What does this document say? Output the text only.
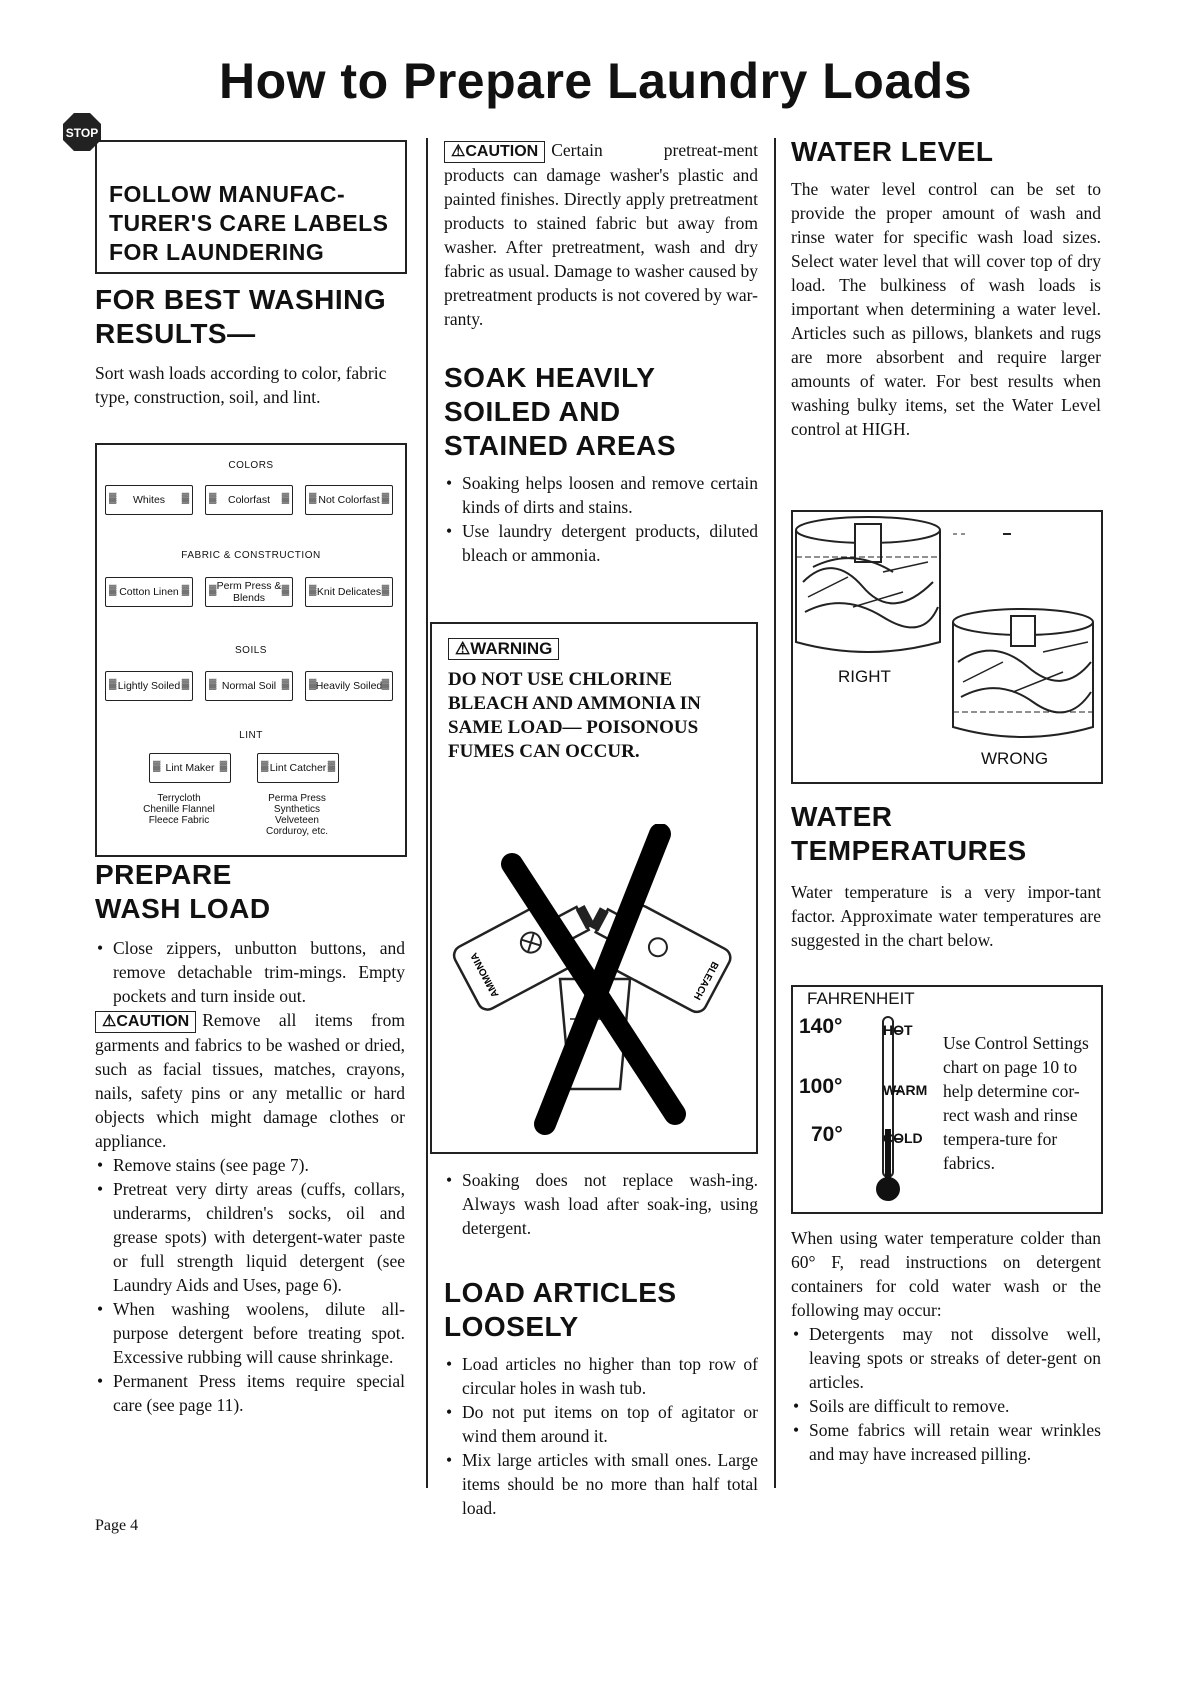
How to Prepare Laundry Loads
STOP
FOLLOW MANUFAC-TURER'S CARE LABELS FOR LAUNDERING
FOR BEST WASHING RESULTS—

Sort wash loads according to color, fabric type, construction, soil, and lint.

COLORS
▓ Whites ▓	▓ Colorfast ▓	▓ Not Colorfast ▓
FABRIC & CONSTRUCTION
▓ Cotton Linen ▓	▓ Perm Press & Blends ▓	▓ Knit Delicates ▓
SOILS
▓ Lightly Soiled ▓	▓ Normal Soil ▓	▓ Heavily Soiled ▓
LINT
▓ Lint Maker ▓	▓ Lint Catcher ▓
Terrycloth Chenille Flannel Fleece Fabric
Perma Press Synthetics Velveteen Corduroy, etc.
PREPARE WASH LOAD
• Close zippers, unbutton buttons, and remove detachable trim-mings. Empty pockets and turn inside out.

⚠CAUTION Remove all items from garments and fabrics to be washed or dried, such as facial tissues, matches, crayons, nails, safety pins or any metallic or hard objects which might damage clothes or appliance.

• Remove stains (see page 7).
• Pretreat very dirty areas (cuffs, collars, underarms, children's socks, oil and grease spots) with detergent-water paste or full strength liquid detergent (see Laundry Aids and Uses, page 6).
• When washing woolens, dilute all-purpose detergent before treating spot. Excessive rubbing will cause shrinkage.
• Permanent Press items require special care (see page 11).
Page 4

⚠CAUTION Certain pretreat-ment products can damage washer's plastic and painted finishes. Directly apply pretreatment products to stained fabric but away from washer. After pretreatment, wash and dry fabric as usual. Damage to washer caused by pretreatment products is not covered by war-ranty.

SOAK HEAVILY SOILED AND STAINED AREAS
• Soaking helps loosen and remove certain kinds of dirts and stains.
• Use laundry detergent products, diluted bleach or ammonia.
⚠WARNING
DO NOT USE CHLORINE BLEACH AND AMMONIA IN SAME LOAD— POISONOUS FUMES CAN OCCUR.
AMMONIA	BLEACH
• Soaking does not replace wash-ing. Always wash load after soak-ing, using detergent.
LOAD ARTICLES LOOSELY
• Load articles no higher than top row of circular holes in wash tub.
• Do not put items on top of agitator or wind them around it.
• Mix large articles with small ones. Large items should be no more than half total load.
WATER LEVEL

The water level control can be set to provide the proper amount of wash and rinse water for specific wash load sizes. Select water level that will cover top of dry load. The bulkiness of wash loads is important when determining a water level. Articles such as pillows, blankets and rugs are more absorbent and require larger amounts of water. For best results when washing bulky items, set the Water Level control at HIGH.

RIGHT
WRONG
WATER TEMPERATURES

Water temperature is a very impor-tant factor. Approximate water temperatures are suggested in the chart below.

FAHRENHEIT
140°
100°
70°
HOT
WARM
COLD
Use Control Settings chart on page 10 to help determine cor-rect wash and rinse tempera-ture for fabrics.

When using water temperature colder than 60° F, read instructions on detergent containers for cold water wash or the following may occur:

• Detergents may not dissolve well, leaving spots or streaks of deter-gent on articles.
• Soils are difficult to remove.
• Some fabrics will retain wear wrinkles and may have increased pilling.
